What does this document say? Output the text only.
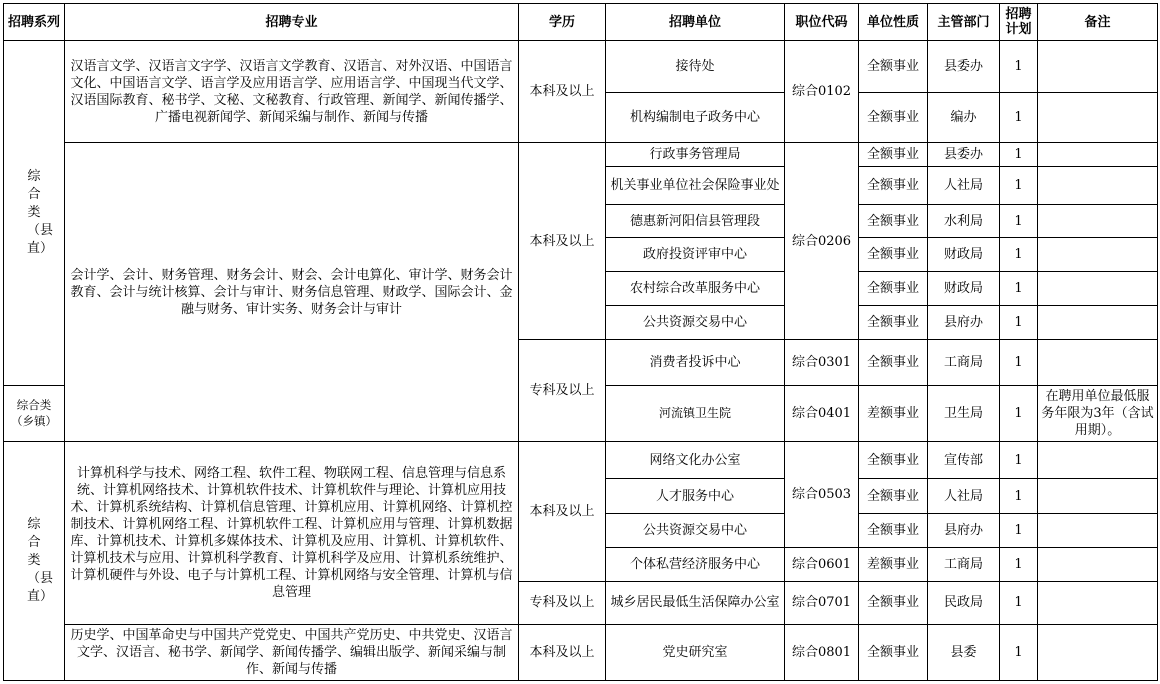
招聘系列	招聘专业	学历	招聘单位	职位代码	单位性质	主管部门	招聘计划	备注
综合类（县直）	汉语言文学、汉语言文字学、汉语言文学教育、汉语言、对外汉语、中国语言文化、中国语言文学、语言学及应用语言学、应用语言学、中国现当代文学、汉语国际教育、秘书学、文秘、文秘教育、行政管理、新闻学、新闻传播学、广播电视新闻学、新闻采编与制作、新闻与传播	本科及以上	接待处	综合0102	全额事业	县委办	1	
			机构编制电子政务中心		全额事业	编办	1	
	会计学、会计、财务管理、财务会计、财会、会计电算化、审计学、财务会计教育、会计与统计核算、会计与审计、财务信息管理、财政学、国际会计、金融与财务、审计实务、财务会计与审计	本科及以上	行政事务管理局	综合0206	全额事业	县委办	1	
			机关事业单位社会保险事业处		全额事业	人社局	1	
			德惠新河阳信县管理段		全额事业	水利局	1	
			政府投资评审中心		全额事业	财政局	1	
			农村综合改革服务中心		全额事业	财政局	1	
			公共资源交易中心		全额事业	县府办	1	
		专科及以上	消费者投诉中心	综合0301	全额事业	工商局	1	
综合类（乡镇）			河流镇卫生院	综合0401	差额事业	卫生局	1	在聘用单位最低服务年限为3年（含试用期）。
综合类（县直）	计算机科学与技术、网络工程、软件工程、物联网工程、信息管理与信息系统、计算机网络技术、计算机软件技术、计算机软件与理论、计算机应用技术、计算机系统结构、计算机信息管理、计算机应用、计算机网络、计算机控制技术、计算机网络工程、计算机软件工程、计算机应用与管理、计算机数据库、计算机技术、计算机多媒体技术、计算机及应用、计算机、计算机软件、计算机技术与应用、计算机科学教育、计算机科学及应用、计算机系统维护、计算机硬件与外设、电子与计算机工程、计算机网络与安全管理、计算机与信息管理	本科及以上	网络文化办公室	综合0503	全额事业	宣传部	1	
			人才服务中心		全额事业	人社局	1	
			公共资源交易中心		全额事业	县府办	1	
			个体私营经济服务中心	综合0601	差额事业	工商局	1	
		专科及以上	城乡居民最低生活保障办公室	综合0701	全额事业	民政局	1	
	历史学、中国革命史与中国共产党党史、中国共产党历史、中共党史、汉语言文学、汉语言、秘书学、新闻学、新闻传播学、编辑出版学、新闻采编与制作、新闻与传播	本科及以上	党史研究室	综合0801	全额事业	县委	1	
